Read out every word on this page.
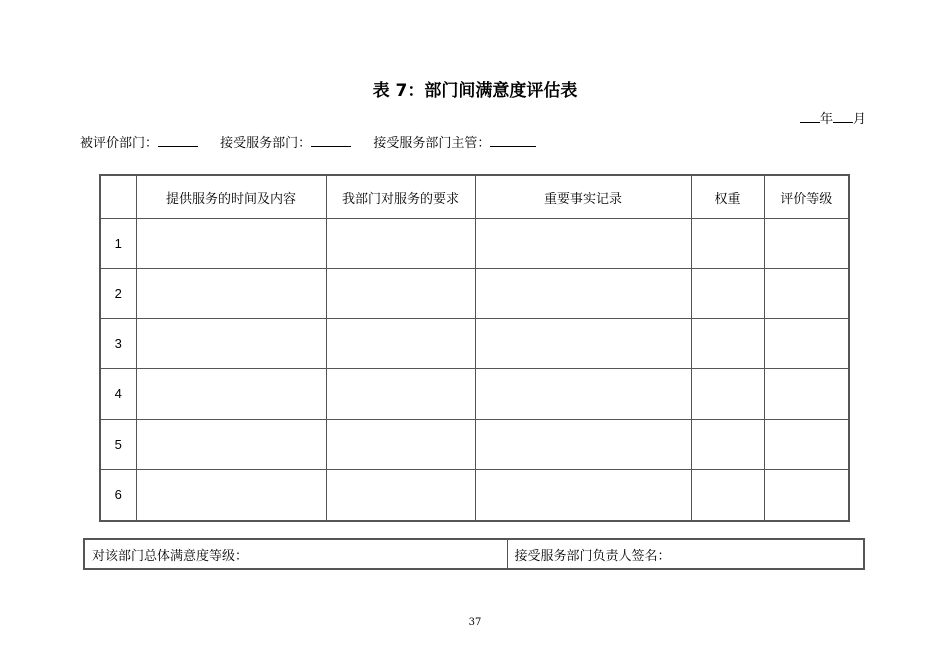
表 7：部门间满意度评估表
年 月
被评价部门：	接受服务部门：	接受服务部门主管：
	提供服务的时间及内容	我部门对服务的要求	重要事实记录	权重	评价等级
1					
2					
3					
4					
5					
6					
对该部门总体满意度等级：	接受服务部门负责人签名：
37
